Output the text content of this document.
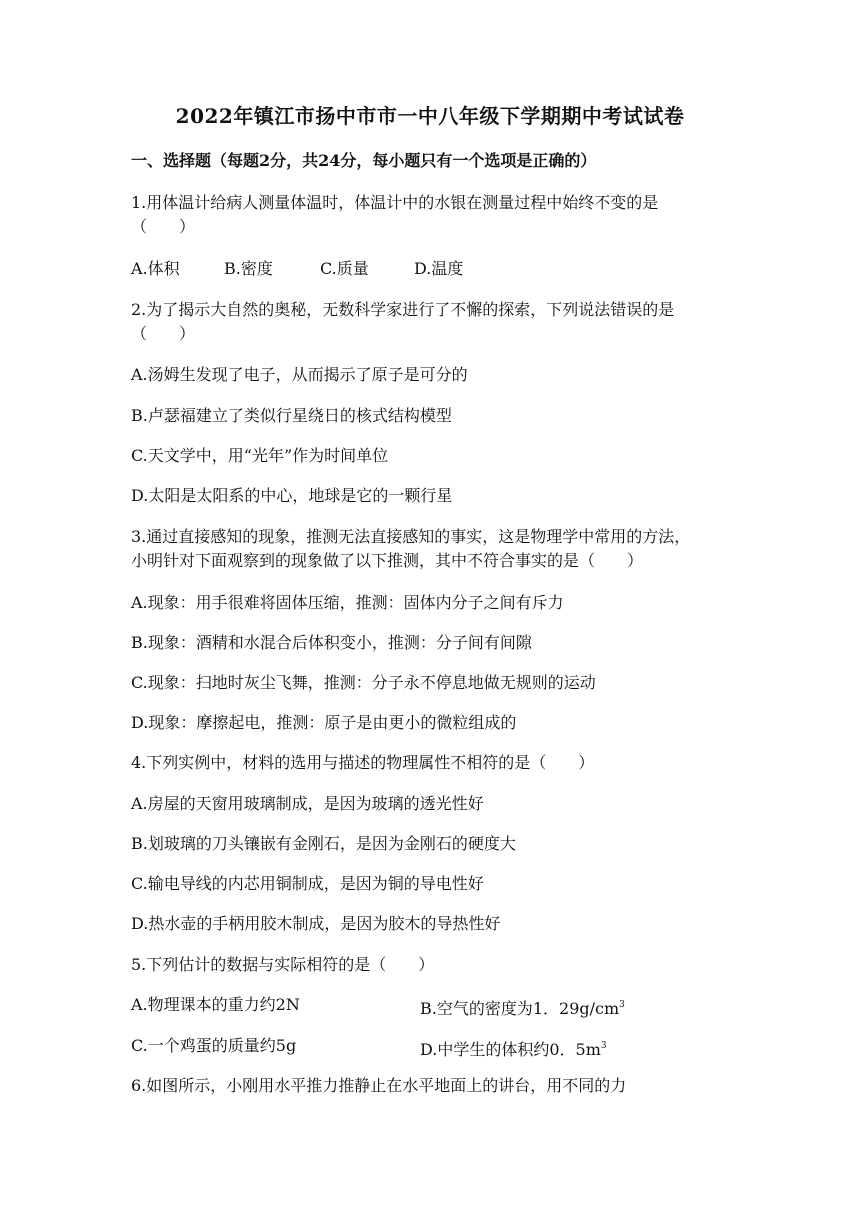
2022年镇江市扬中市市一中八年级下学期期中考试试卷
一、选择题（每题2分，共24分，每小题只有一个选项是正确的）
1.用体温计给病人测量体温时，体温计中的水银在测量过程中始终不变的是
（　　）
A.体积	B.密度	C.质量	D.温度
2.为了揭示大自然的奥秘，无数科学家进行了不懈的探索，下列说法错误的是
（　　）
A.汤姆生发现了电子，从而揭示了原子是可分的
B.卢瑟福建立了类似行星绕日的核式结构模型
C.天文学中，用“光年”作为时间单位
D.太阳是太阳系的中心，地球是它的一颗行星
3.通过直接感知的现象，推测无法直接感知的事实，这是物理学中常用的方法，
小明针对下面观察到的现象做了以下推测，其中不符合事实的是（　　）
A.现象：用手很难将固体压缩，推测：固体内分子之间有斥力
B.现象：酒精和水混合后体积变小，推测：分子间有间隙
C.现象：扫地时灰尘飞舞，推测：分子永不停息地做无规则的运动
D.现象：摩擦起电，推测：原子是由更小的微粒组成的
4.下列实例中，材料的选用与描述的物理属性不相符的是（　　）
A.房屋的天窗用玻璃制成，是因为玻璃的透光性好
B.划玻璃的刀头镶嵌有金刚石，是因为金刚石的硬度大
C.输电导线的内芯用铜制成，是因为铜的导电性好
D.热水壶的手柄用胶木制成，是因为胶木的导热性好
5.下列估计的数据与实际相符的是（　　）
A.物理课本的重力约2N	B.空气的密度为1．$29g/cm^3$
C.一个鸡蛋的质量约5g	D.中学生的体积约0．$5m^3$
6.如图所示，小刚用水平推力推静止在水平地面上的讲台，用不同的力
